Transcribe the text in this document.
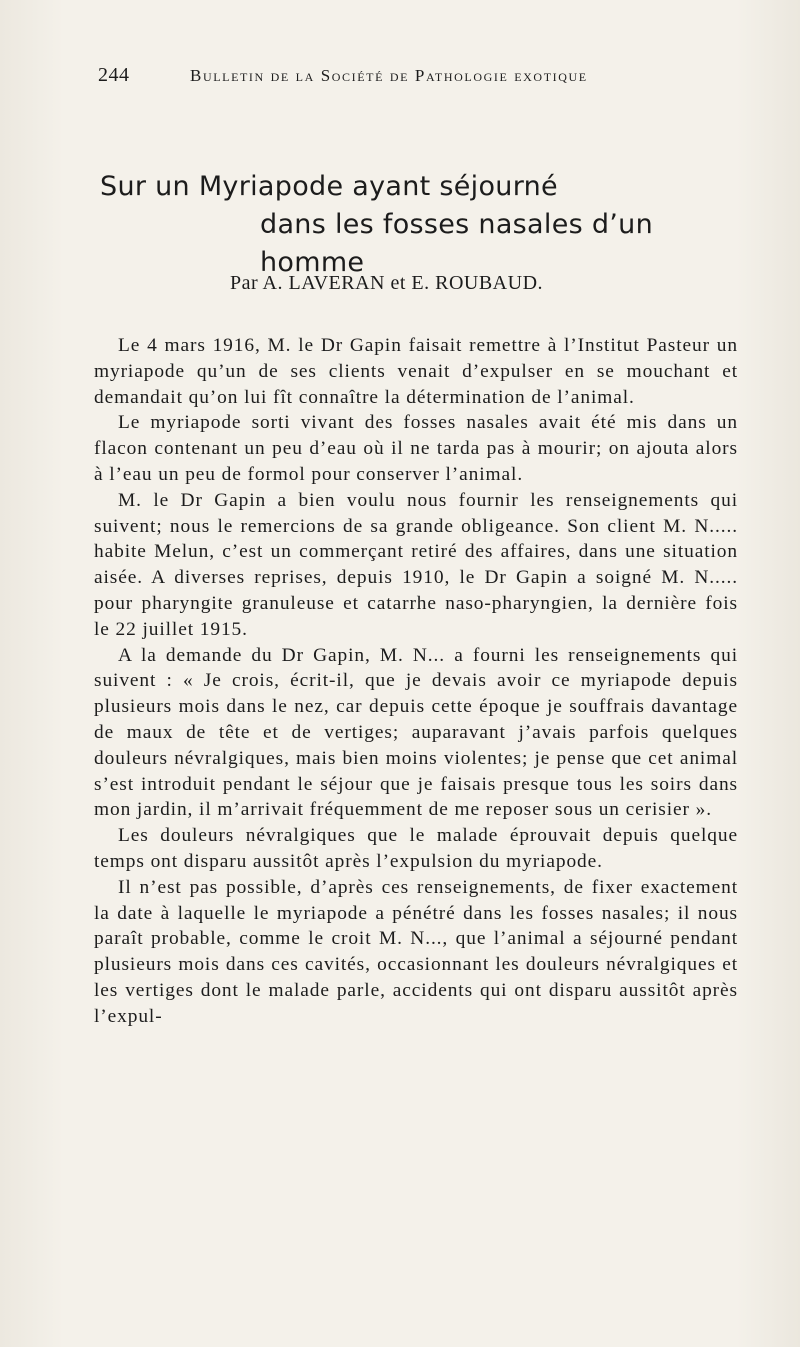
244	Bulletin de la Société de Pathologie exotique
Sur un Myriapode ayant séjourné
dans les fosses nasales d’un homme
Par A. LAVERAN et E. ROUBAUD.

Le 4 mars 1916, M. le Dr Gapin faisait remettre à l’Institut Pasteur un myriapode qu’un de ses clients venait d’expulser en se mouchant et demandait qu’on lui fît connaître la détermination de l’animal.

Le myriapode sorti vivant des fosses nasales avait été mis dans un flacon contenant un peu d’eau où il ne tarda pas à mourir; on ajouta alors à l’eau un peu de formol pour conserver l’animal.

M. le Dr Gapin a bien voulu nous fournir les renseignements qui suivent; nous le remercions de sa grande obligeance. Son client M. N..... habite Melun, c’est un commerçant retiré des affaires, dans une situation aisée. A diverses reprises, depuis 1910, le Dr Gapin a soigné M. N..... pour pharyngite granuleuse et catarrhe naso-pharyngien, la dernière fois le 22 juillet 1915.

A la demande du Dr Gapin, M. N... a fourni les renseignements qui suivent : « Je crois, écrit-il, que je devais avoir ce myriapode depuis plusieurs mois dans le nez, car depuis cette époque je souffrais davantage de maux de tête et de vertiges; auparavant j’avais parfois quelques douleurs névralgiques, mais bien moins violentes; je pense que cet animal s’est introduit pendant le séjour que je faisais presque tous les soirs dans mon jardin, il m’arrivait fréquemment de me reposer sous un cerisier ».

Les douleurs névralgiques que le malade éprouvait depuis quelque temps ont disparu aussitôt après l’expulsion du myriapode.

Il n’est pas possible, d’après ces renseignements, de fixer exactement la date à laquelle le myriapode a pénétré dans les fosses nasales; il nous paraît probable, comme le croit M. N..., que l’animal a séjourné pendant plusieurs mois dans ces cavités, occasionnant les douleurs névralgiques et les vertiges dont le malade parle, accidents qui ont disparu aussitôt après l’expul-
